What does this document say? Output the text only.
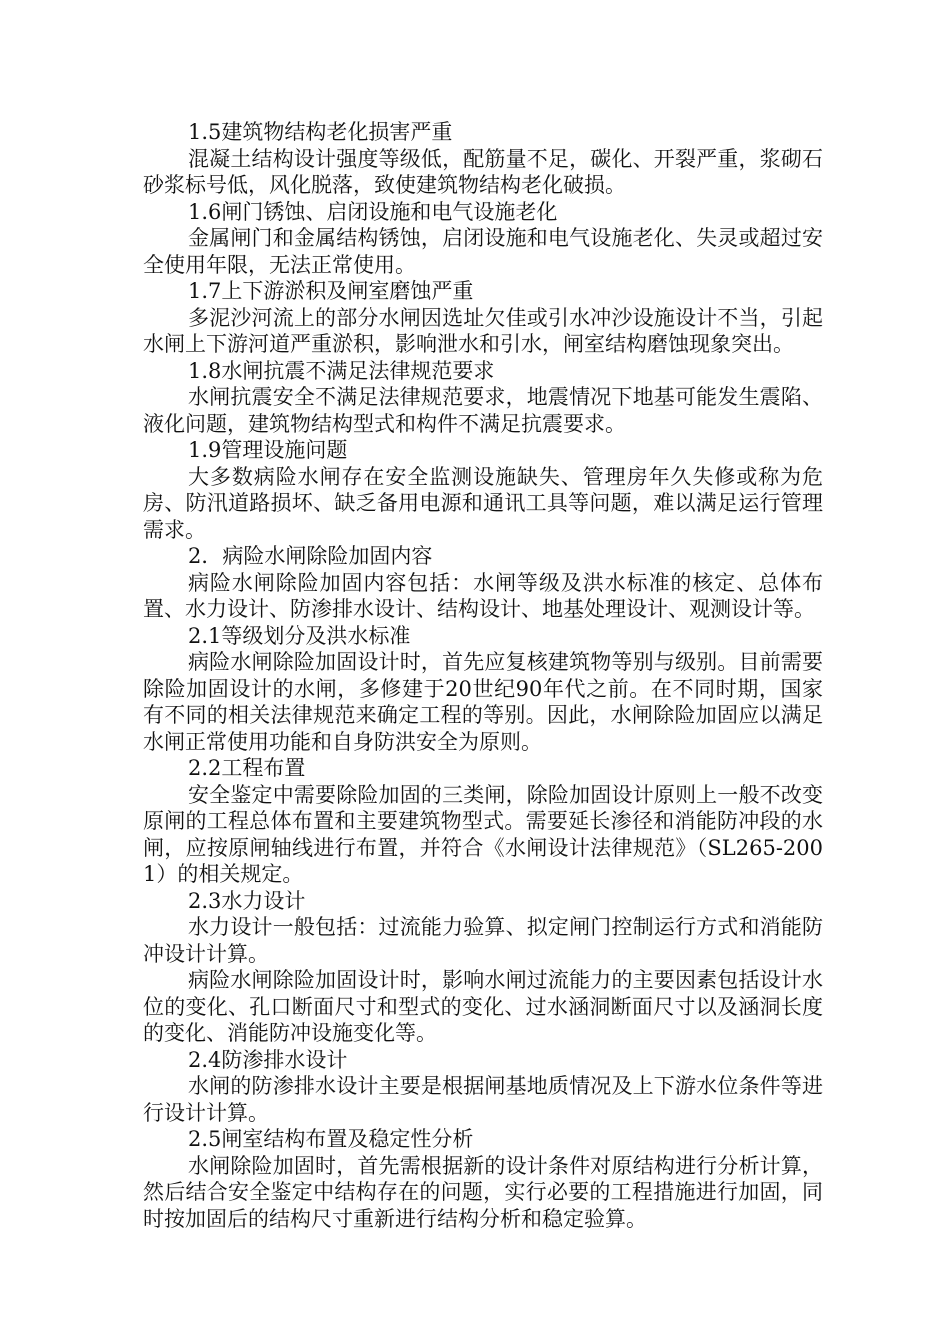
1.5建筑物结构老化损害严重

混凝土结构设计强度等级低，配筋量不足，碳化、开裂严重，浆砌石砂浆标号低，风化脱落，致使建筑物结构老化破损。

1.6闸门锈蚀、启闭设施和电气设施老化

金属闸门和金属结构锈蚀，启闭设施和电气设施老化、失灵或超过安全使用年限，无法正常使用。

1.7上下游淤积及闸室磨蚀严重

多泥沙河流上的部分水闸因选址欠佳或引水冲沙设施设计不当，引起水闸上下游河道严重淤积，影响泄水和引水，闸室结构磨蚀现象突出。

1.8水闸抗震不满足法律规范要求

水闸抗震安全不满足法律规范要求，地震情况下地基可能发生震陷、液化问题，建筑物结构型式和构件不满足抗震要求。

1.9管理设施问题

大多数病险水闸存在安全监测设施缺失、管理房年久失修或称为危房、防汛道路损坏、缺乏备用电源和通讯工具等问题，难以满足运行管理需求。

2．病险水闸除险加固内容

病险水闸除险加固内容包括：水闸等级及洪水标准的核定、总体布置、水力设计、防渗排水设计、结构设计、地基处理设计、观测设计等。

2.1等级划分及洪水标准

病险水闸除险加固设计时，首先应复核建筑物等别与级别。目前需要除险加固设计的水闸，多修建于20世纪90年代之前。在不同时期，国家有不同的相关法律规范来确定工程的等别。因此，水闸除险加固应以满足水闸正常使用功能和自身防洪安全为原则。

2.2工程布置

安全鉴定中需要除险加固的三类闸，除险加固设计原则上一般不改变原闸的工程总体布置和主要建筑物型式。需要延长渗径和消能防冲段的水闸，应按原闸轴线进行布置，并符合《水闸设计法律规范》（SL265-2001）的相关规定。

2.3水力设计

水力设计一般包括：过流能力验算、拟定闸门控制运行方式和消能防冲设计计算。

病险水闸除险加固设计时，影响水闸过流能力的主要因素包括设计水位的变化、孔口断面尺寸和型式的变化、过水涵洞断面尺寸以及涵洞长度的变化、消能防冲设施变化等。

2.4防渗排水设计

水闸的防渗排水设计主要是根据闸基地质情况及上下游水位条件等进行设计计算。

2.5闸室结构布置及稳定性分析

水闸除险加固时，首先需根据新的设计条件对原结构进行分析计算，然后结合安全鉴定中结构存在的问题，实行必要的工程措施进行加固，同时按加固后的结构尺寸重新进行结构分析和稳定验算。
